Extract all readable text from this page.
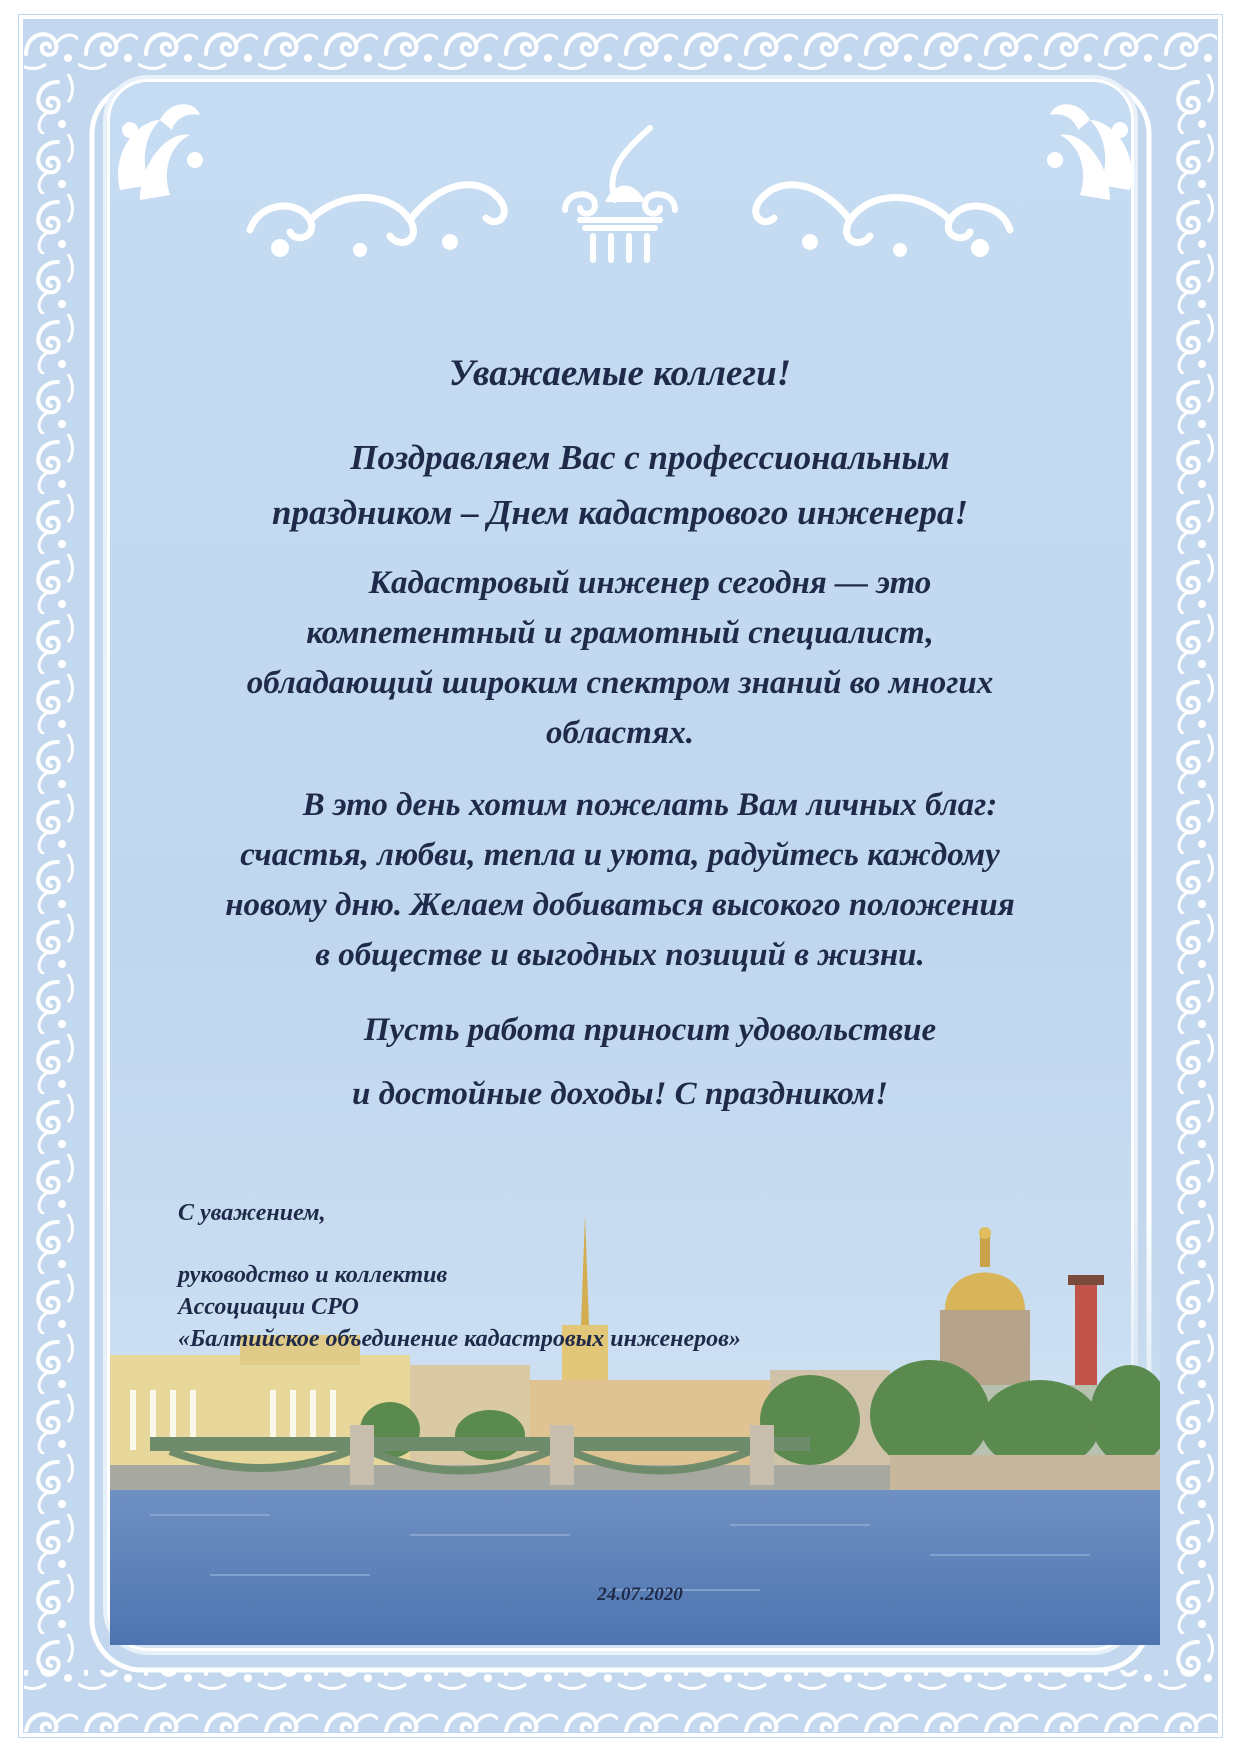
Уважаемые коллеги!
Поздравляем Вас с профессиональным
праздником – Днем кадастрового инженера!
Кадастровый инженер сегодня — это
компетентный и грамотный специалист,
обладающий широким спектром знаний во многих
областях.
В это день хотим пожелать Вам личных благ:
счастья, любви, тепла и уюта, радуйтесь каждому
новому дню. Желаем добиваться высокого положения
в обществе и выгодных позиций в жизни.
Пусть работа приносит удовольствие
и достойные доходы! С праздником!
С уважением,
руководство и коллектив
Ассоциации СРО
«Балтийское объединение кадастровых инженеров»
24.07.2020
